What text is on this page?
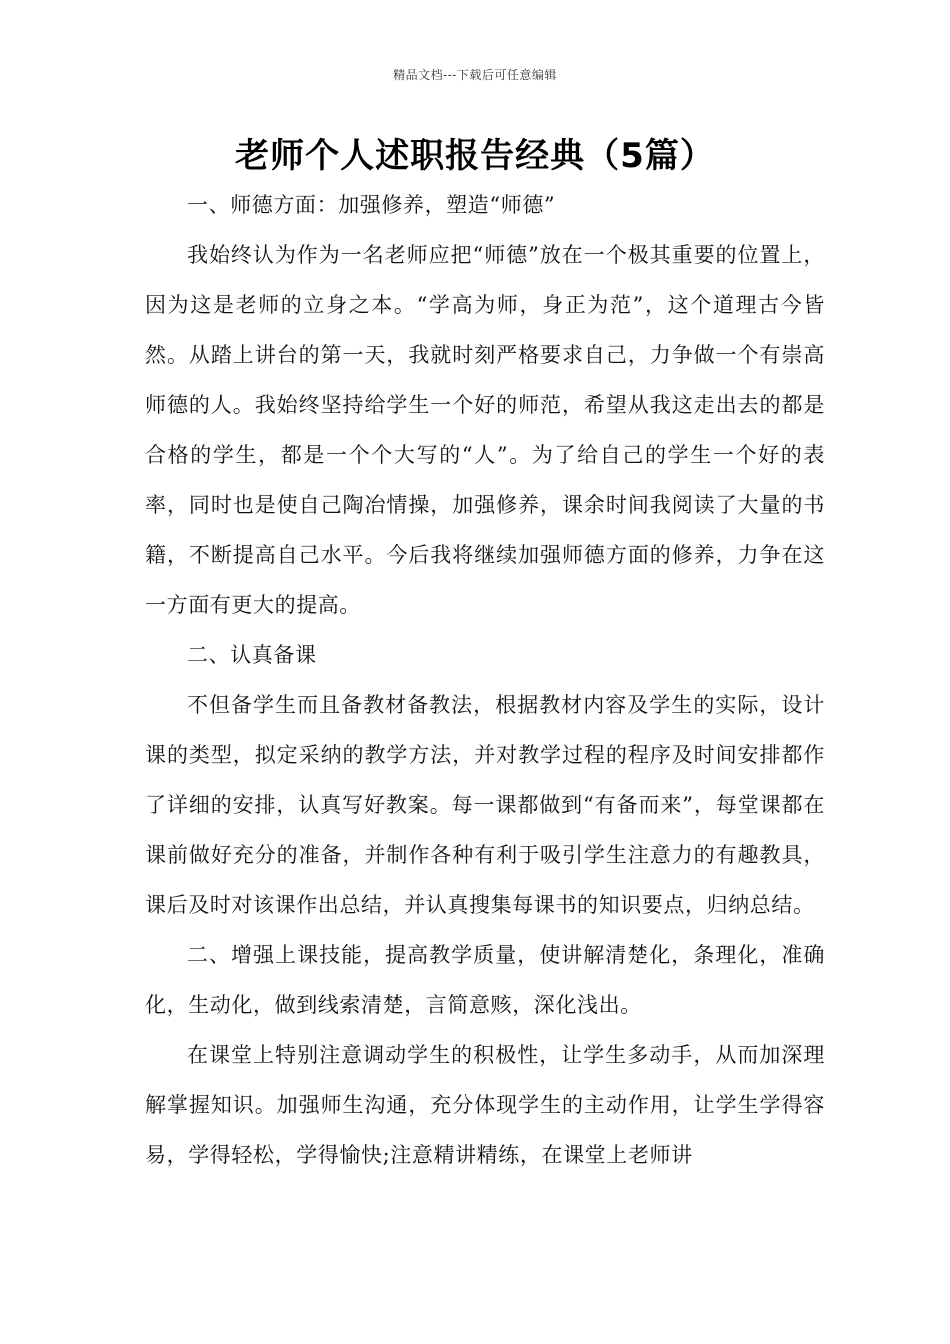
精品文档---下载后可任意编辑
老师个人述职报告经典（5篇）

一、师德方面：加强修养，塑造“师德”

我始终认为作为一名老师应把“师德”放在一个极其重要的位置上，因为这是老师的立身之本。“学高为师，身正为范”，这个道理古今皆然。从踏上讲台的第一天，我就时刻严格要求自己，力争做一个有崇高师德的人。我始终坚持给学生一个好的师范，希望从我这走出去的都是合格的学生，都是一个个大写的“人”。为了给自己的学生一个好的表率，同时也是使自己陶冶情操，加强修养，课余时间我阅读了大量的书籍，不断提高自己水平。今后我将继续加强师德方面的修养，力争在这一方面有更大的提高。

二、认真备课

不但备学生而且备教材备教法，根据教材内容及学生的实际，设计课的类型，拟定采纳的教学方法，并对教学过程的程序及时间安排都作了详细的安排，认真写好教案。每一课都做到“有备而来”，每堂课都在课前做好充分的准备，并制作各种有利于吸引学生注意力的有趣教具，课后及时对该课作出总结，并认真搜集每课书的知识要点，归纳总结。

二、增强上课技能，提高教学质量，使讲解清楚化，条理化，准确化，生动化，做到线索清楚，言简意赅，深化浅出。

在课堂上特别注意调动学生的积极性，让学生多动手，从而加深理解掌握知识。加强师生沟通，充分体现学生的主动作用，让学生学得容易，学得轻松，学得愉快;注意精讲精练，在课堂上老师讲
